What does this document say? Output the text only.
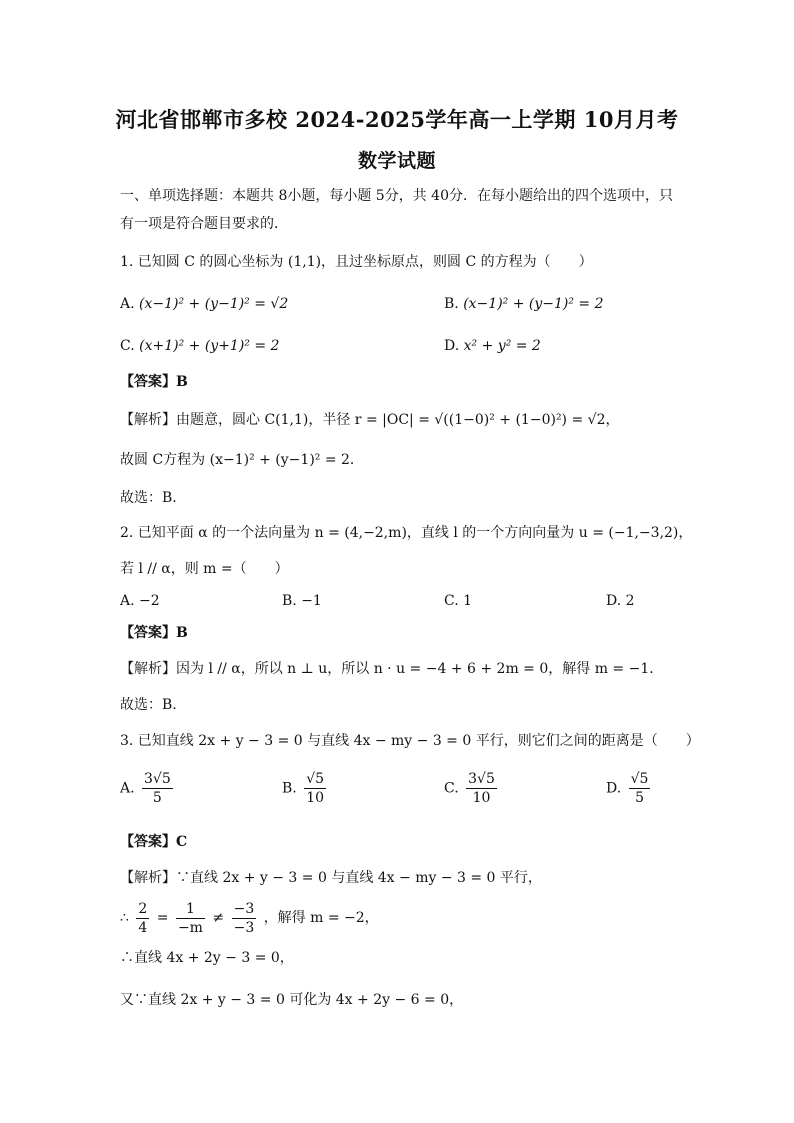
河北省邯郸市多校 2024-2025学年高一上学期 10月月考
数学试题
一、单项选择题：本题共 8小题，每小题 5分，共 40分．在每小题给出的四个选项中，只
有一项是符合题目要求的．
1. 已知圆 C 的圆心坐标为 (1,1)，且过坐标原点，则圆 C 的方程为（　　）
A. (x−1)² + (y−1)² = √2	B. (x−1)² + (y−1)² = 2
C. (x+1)² + (y+1)² = 2	D. x² + y² = 2
【答案】B
【解析】由题意，圆心 C(1,1)，半径 r = |OC| = √((1−0)² + (1−0)²) = √2，
故圆 C方程为 (x−1)² + (y−1)² = 2．
故选：B.
2. 已知平面 α 的一个法向量为 n = (4,−2,m)，直线 l 的一个方向向量为 u = (−1,−3,2)，
若 l // α，则 m =（　　）
A. −2	B. −1	C. 1	D. 2
【答案】B
【解析】因为 l // α，所以 n ⊥ u，所以 n · u = −4 + 6 + 2m = 0，解得 m = −1．
故选：B.
3. 已知直线 2x + y − 3 = 0 与直线 4x − my − 3 = 0 平行，则它们之间的距离是（　　）
A. $\frac{3√5}{5}$	B. $\frac{√5}{10}$	C. $\frac{3√5}{10}$	D. $\frac{√5}{5}$
【答案】C
【解析】∵直线 2x + y − 3 = 0 与直线 4x − my − 3 = 0 平行，
∴ $\frac{2}{4} = \frac{1}{-m} \ne \frac{-3}{-3}$ ，解得 m = −2，
∴直线 4x + 2y − 3 = 0，
又∵直线 2x + y − 3 = 0 可化为 4x + 2y − 6 = 0，
